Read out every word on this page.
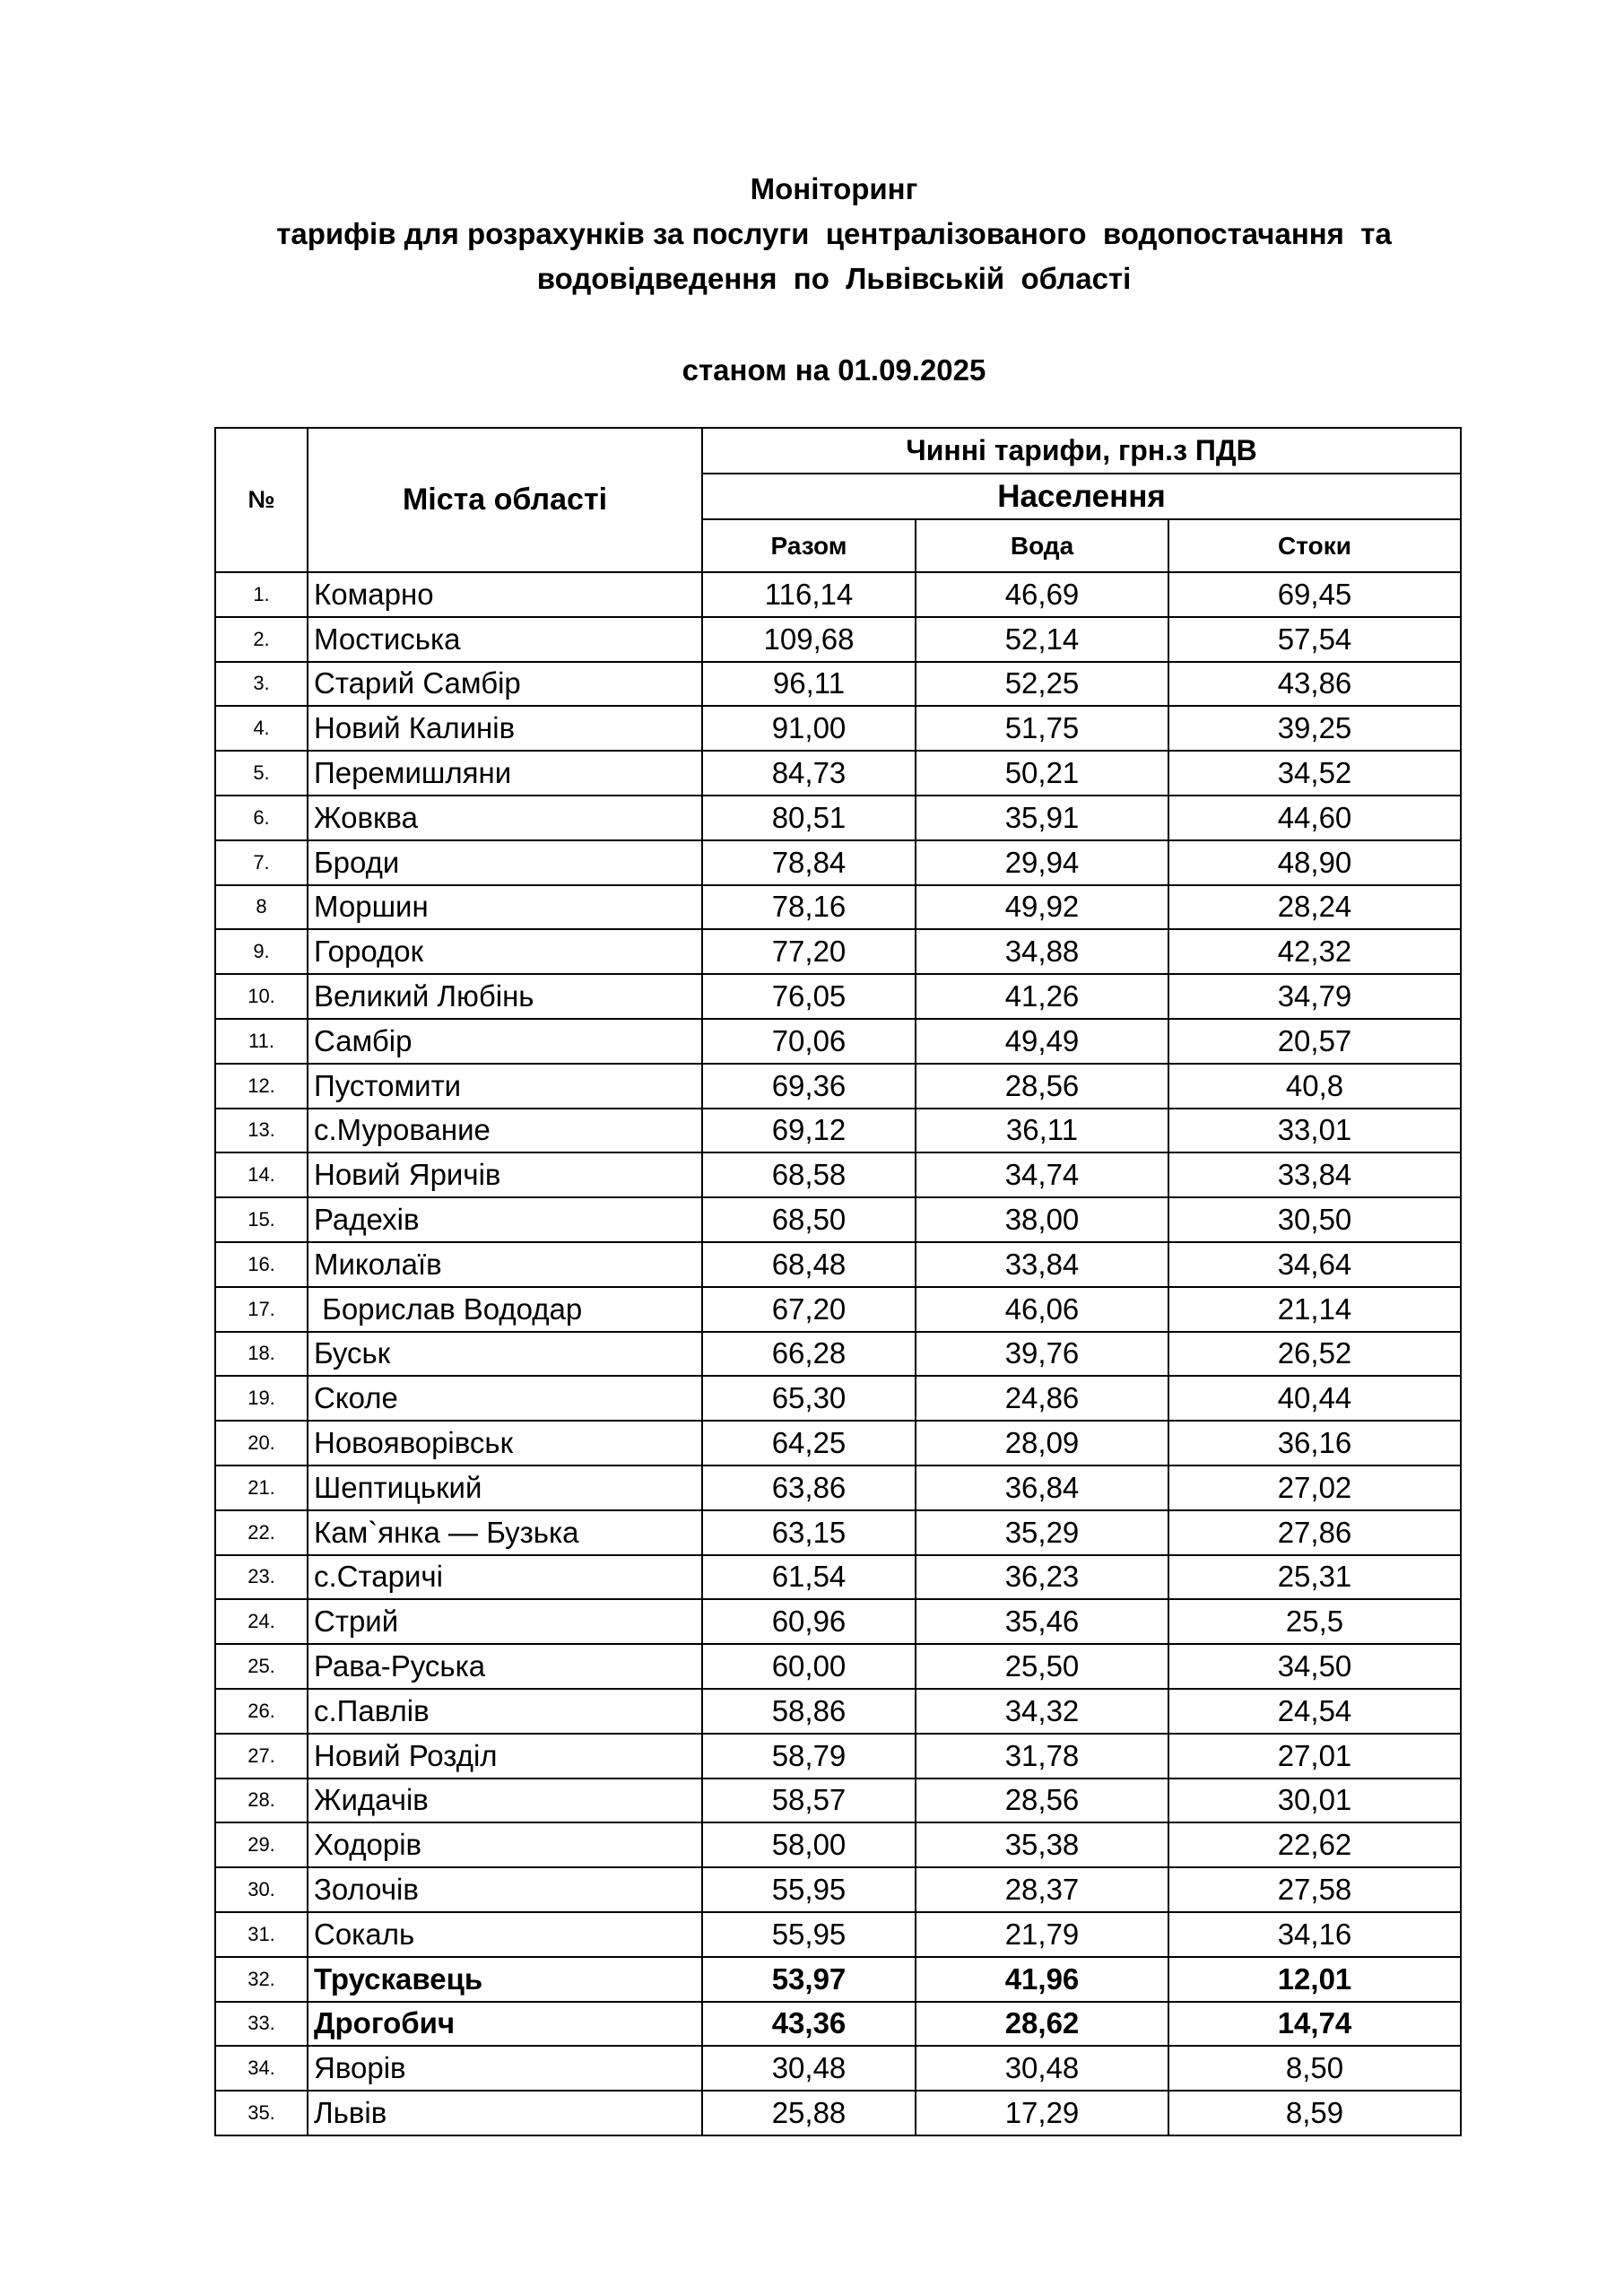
Моніторинг

тарифів для розрахунків за послуги  централізованого  водопостачання  та

водовідведення  по  Львівській  області

станом на 01.09.2025
№	Міста області	Чинні тарифи, грн.з ПДВ		
		Населення		
		Разом	Вода	Стоки
1.	Комарно	116,14	46,69	69,45
2.	Мостиська	109,68	52,14	57,54
3.	Старий Самбір	96,11	52,25	43,86
4.	Новий Калинів	91,00	51,75	39,25
5.	Перемишляни	84,73	50,21	34,52
6.	Жовква	80,51	35,91	44,60
7.	Броди	78,84	29,94	48,90
8	Моршин	78,16	49,92	28,24
9.	Городок	77,20	34,88	42,32
10.	Великий Любінь	76,05	41,26	34,79
11.	Самбір	70,06	49,49	20,57
12.	Пустомити	69,36	28,56	40,8
13.	с.Мурование	69,12	36,11	33,01
14.	Новий Яричів	68,58	34,74	33,84
15.	Радехів	68,50	38,00	30,50
16.	Миколаїв	68,48	33,84	34,64
17.	Борислав Вододар	67,20	46,06	21,14
18.	Буськ	66,28	39,76	26,52
19.	Сколе	65,30	24,86	40,44
20.	Новояворівськ	64,25	28,09	36,16
21.	Шептицький	63,86	36,84	27,02
22.	Кам`янка — Бузька	63,15	35,29	27,86
23.	с.Старичі	61,54	36,23	25,31
24.	Стрий	60,96	35,46	25,5
25.	Рава-Руська	60,00	25,50	34,50
26.	с.Павлів	58,86	34,32	24,54
27.	Новий Розділ	58,79	31,78	27,01
28.	Жидачів	58,57	28,56	30,01
29.	Ходорів	58,00	35,38	22,62
30.	Золочів	55,95	28,37	27,58
31.	Сокаль	55,95	21,79	34,16
32.	Трускавець	53,97	41,96	12,01
33.	Дрогобич	43,36	28,62	14,74
34.	Яворів	30,48	30,48	8,50
35.	Львів	25,88	17,29	8,59
